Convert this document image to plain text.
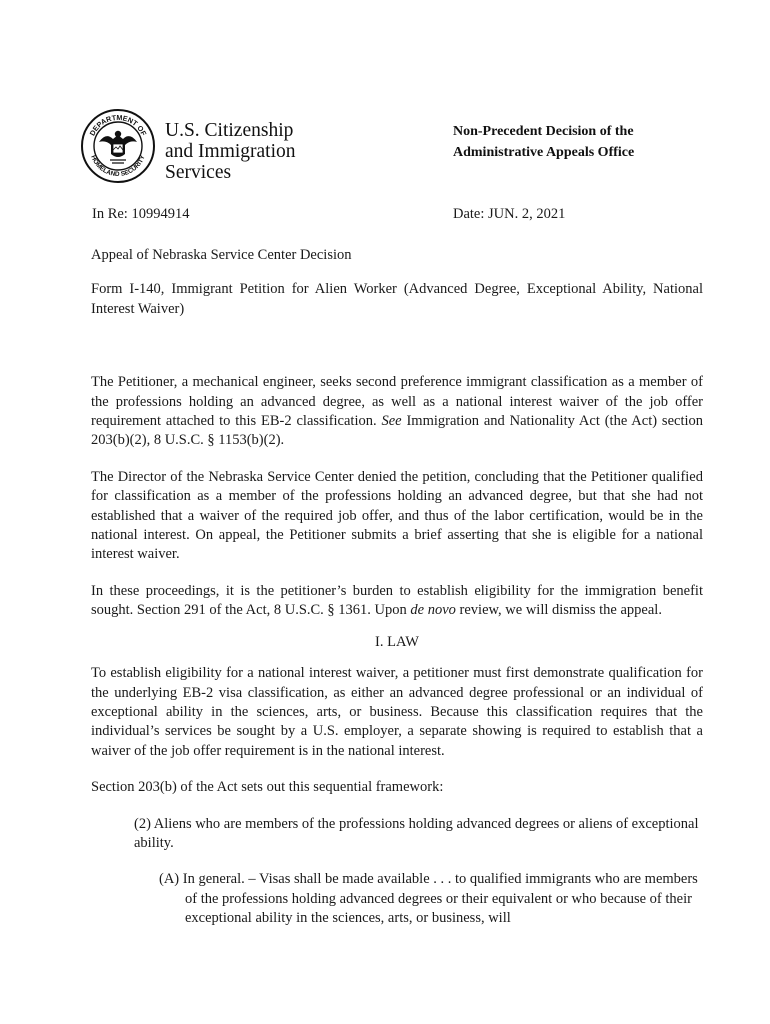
DEPARTMENT OF
HOMELAND SECURITY
U.S. Citizenship
and Immigration
Services
Non-Precedent Decision of the
Administrative Appeals Office
In Re: 10994914	Date: JUN. 2, 2021

Appeal of Nebraska Service Center Decision

Form I-140, Immigrant Petition for Alien Worker (Advanced Degree, Exceptional Ability, National Interest Waiver)

The Petitioner, a mechanical engineer, seeks second preference immigrant classification as a member of the professions holding an advanced degree, as well as a national interest waiver of the job offer requirement attached to this EB-2 classification. See Immigration and Nationality Act (the Act) section 203(b)(2), 8 U.S.C. § 1153(b)(2).

The Director of the Nebraska Service Center denied the petition, concluding that the Petitioner qualified for classification as a member of the professions holding an advanced degree, but that she had not established that a waiver of the required job offer, and thus of the labor certification, would be in the national interest. On appeal, the Petitioner submits a brief asserting that she is eligible for a national interest waiver.

In these proceedings, it is the petitioner’s burden to establish eligibility for the immigration benefit sought. Section 291 of the Act, 8 U.S.C. § 1361. Upon de novo review, we will dismiss the appeal.

I. LAW

To establish eligibility for a national interest waiver, a petitioner must first demonstrate qualification for the underlying EB-2 visa classification, as either an advanced degree professional or an individual of exceptional ability in the sciences, arts, or business. Because this classification requires that the individual’s services be sought by a U.S. employer, a separate showing is required to establish that a waiver of the job offer requirement is in the national interest.

Section 203(b) of the Act sets out this sequential framework:

(2) Aliens who are members of the professions holding advanced degrees or aliens of exceptional ability.

(A) In general. – Visas shall be made available . . . to qualified immigrants who are members of the professions holding advanced degrees or their equivalent or who because of their exceptional ability in the sciences, arts, or business, will
